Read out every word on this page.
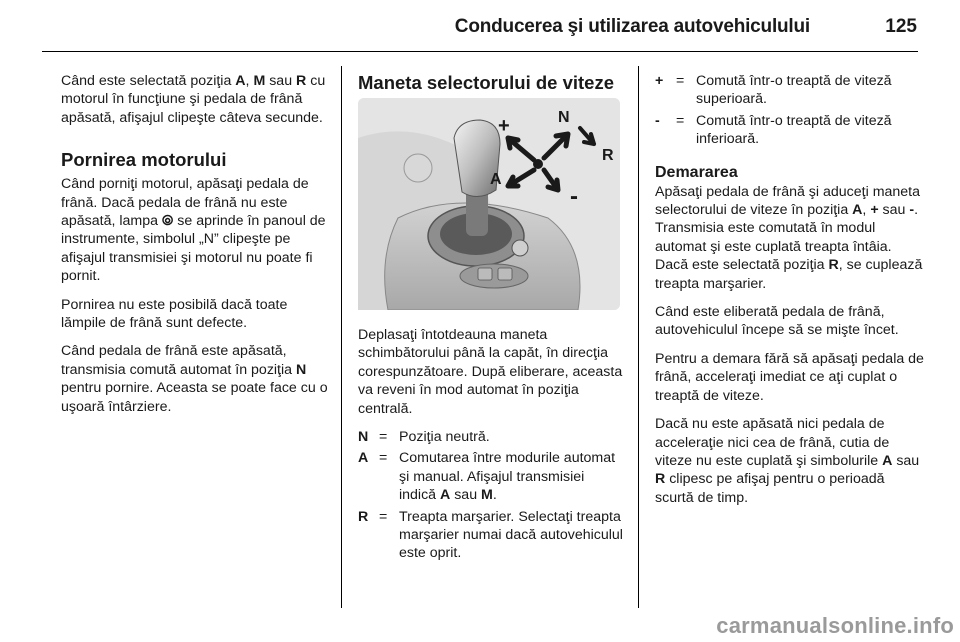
Conducerea şi utilizarea autovehiculului	125

Când este selectată poziţia A, M sau R cu motorul în funcţiune şi pedala de frână apăsată, afişajul clipeşte câteva secunde.

Pornirea motorului

Când porniţi motorul, apăsaţi pedala de frână. Dacă pedala de frână nu este apăsată, lampa ⦾ se aprinde în panoul de instrumente, simbolul „N” clipeşte pe afişajul transmisiei şi motorul nu poate fi pornit.

Pornirea nu este posibilă dacă toate lămpile de frână sunt defecte.

Când pedala de frână este apăsată, transmisia comută automat în poziţia N pentru pornire. Aceasta se poate face cu o uşoară întârziere.

Maneta selectorului de viteze
+	N
R
A
-

Deplasaţi întotdeauna maneta schimbătorului până la capăt, în direcţia corespunzătoare. După eliberare, aceasta va reveni în mod automat în poziţia centrală.

N = Poziţia neutră.
A = Comutarea între modurile automat şi manual. Afişajul transmisiei indică A sau M.
R = Treapta marşarier. Selectaţi treapta marşarier numai dacă autovehiculul este oprit.
+ = Comută într-o treaptă de viteză superioară.
-	= Comută într-o treaptă de viteză inferioară.
Demararea

Apăsaţi pedala de frână şi aduceţi maneta selectorului de viteze în poziţia A, + sau -. Transmisia este comutată în modul automat şi este cuplată treapta întâia. Dacă este selectată poziţia R, se cuplează treapta marşarier.

Când este eliberată pedala de frână, autovehiculul începe să se mişte încet.

Pentru a demara fără să apăsaţi pedala de frână, acceleraţi imediat ce aţi cuplat o treaptă de viteze.

Dacă nu este apăsată nici pedala de acceleraţie nici cea de frână, cutia de viteze nu este cuplată şi simbolurile A sau R clipesc pe afişaj pentru o perioadă scurtă de timp.

carmanualsonline.info
